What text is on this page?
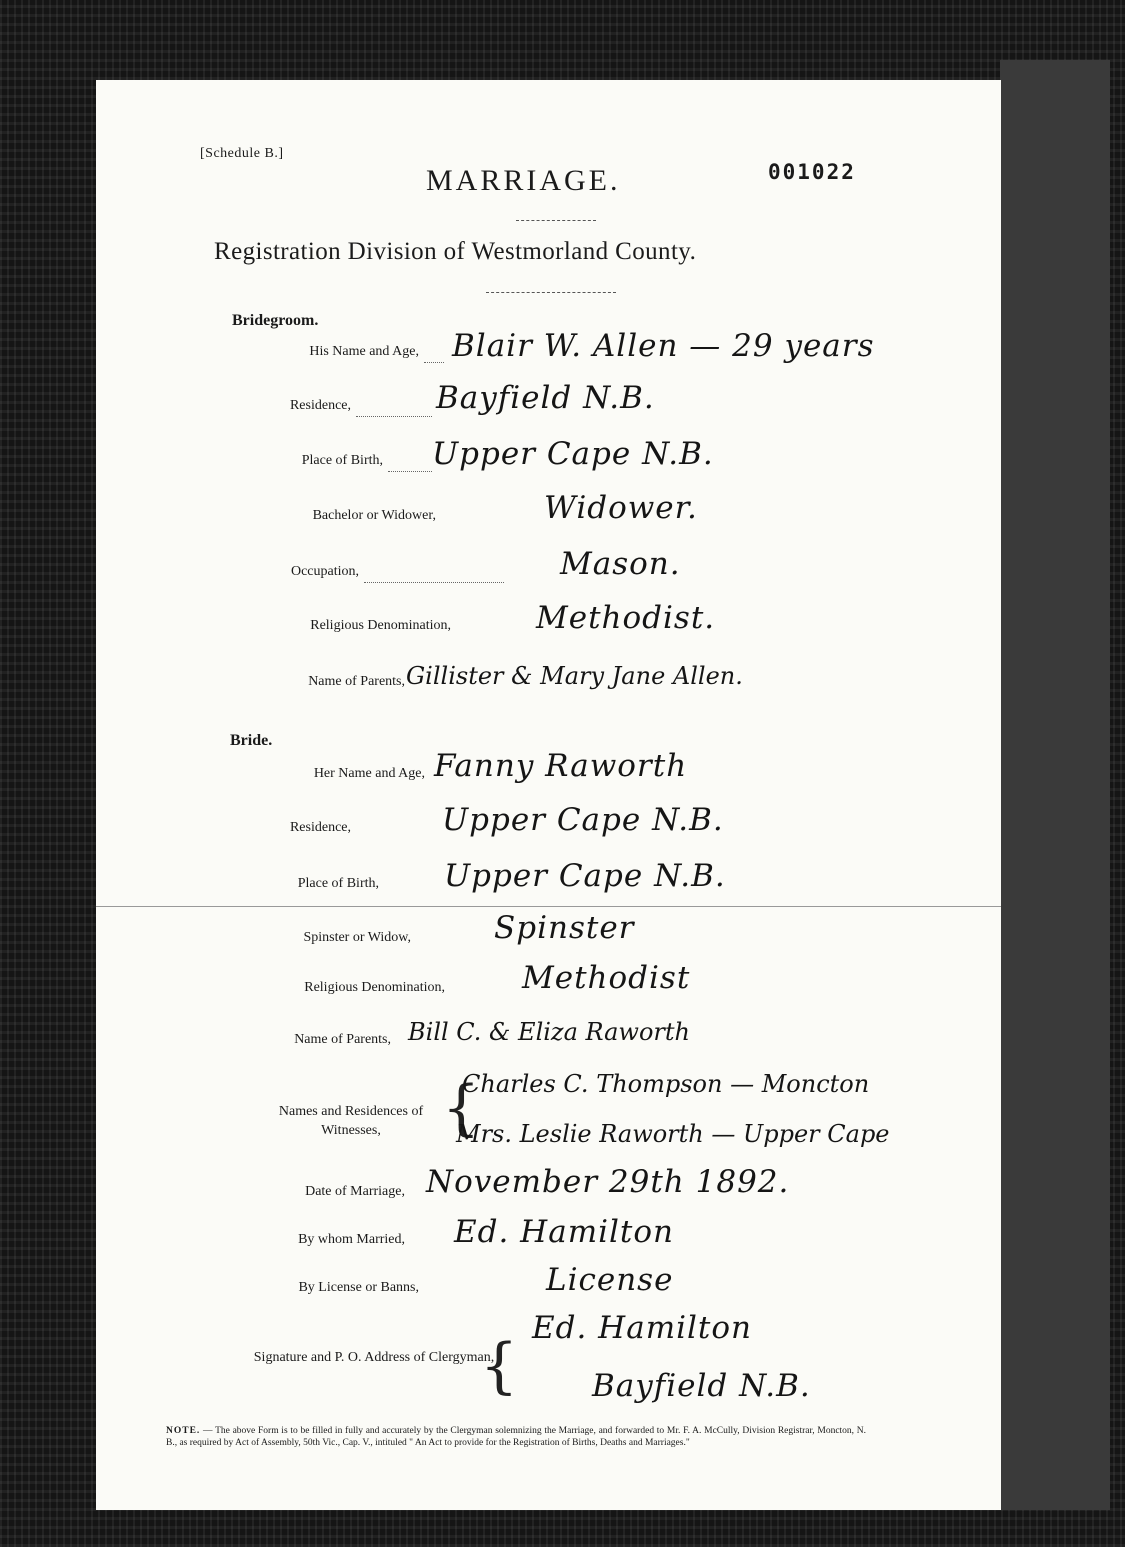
[Schedule B.]
MARRIAGE.	001022
Registration Division of Westmorland County.
Bridegroom.
His Name and Age, Blair W. Allen — 29 years
Residence,	Bayfield N.B.
Place of Birth, Upper Cape N.B.
Bachelor or Widower,	Widower.
Occupation,	Mason.
Religious Denomination,	Methodist.
Name of Parents, Gillister & Mary Jane Allen.
Bride.
Her Name and Age, Fanny Raworth
Residence,	Upper Cape N.B.
Place of Birth, Upper Cape N.B.
Spinster or Widow,	Spinster
Religious Denomination, Methodist
Name of Parents, Bill C. & Eliza Raworth
Names and Residences of Witnesses,	{
Charles C. Thompson — Moncton
Mrs. Leslie Raworth — Upper Cape
Date of Marriage, November 29th 1892.
By whom Married, Ed. Hamilton
By License or Banns,	License
Signature and P. O. Address of Clergyman,
{
Ed. Hamilton
Bayfield N.B.
NOTE. — The above Form is to be filled in fully and accurately by the Clergyman solemnizing the Marriage, and forwarded to Mr. F. A. McCully, Division Registrar, Moncton, N. B., as required by Act of Assembly, 50th Vic., Cap. V., intituled " An Act to provide for the Registration of Births, Deaths and Marriages."
